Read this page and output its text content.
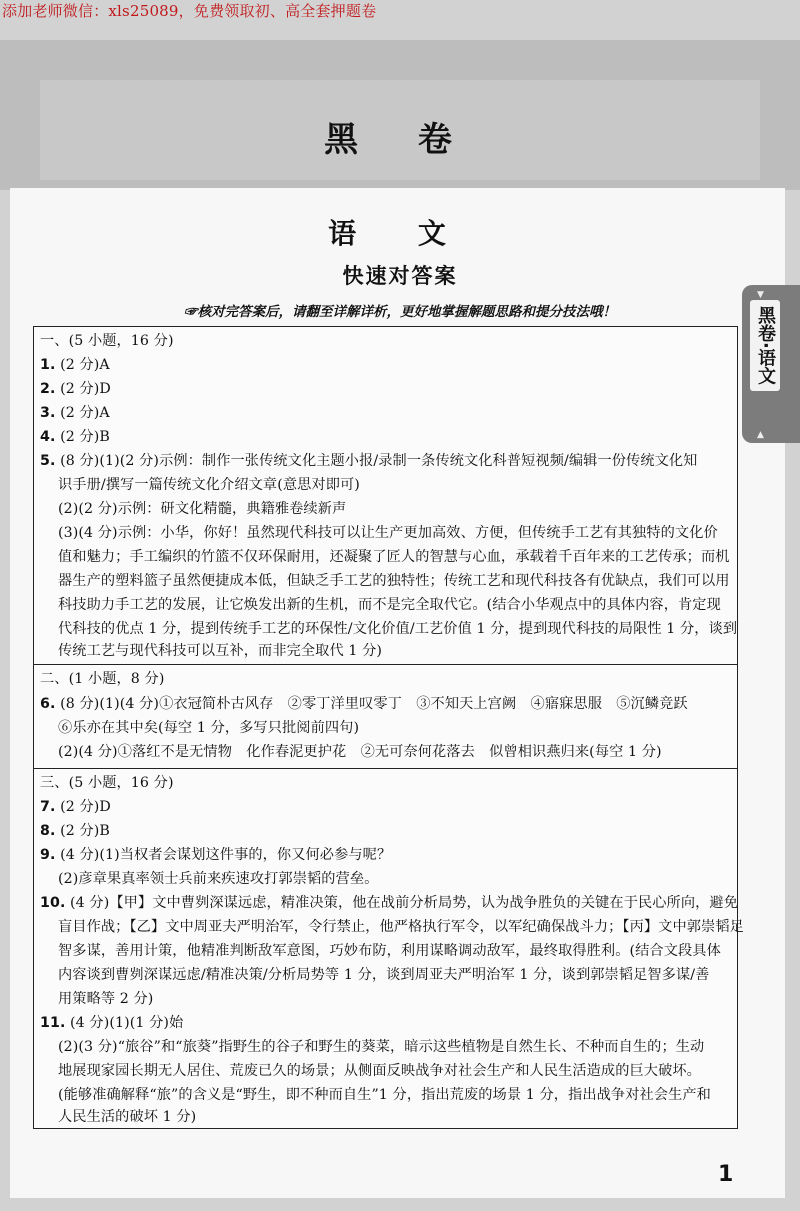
添加老师微信：xls25089，免费领取初、高全套押题卷
黑 卷
▼
黑卷·语文
▲
语 文
快速对答案
☞核对完答案后，请翻至详解详析，更好地掌握解题思路和提分技法哦！
一、(5 小题，16 分)
1. (2 分)A
2. (2 分)D
3. (2 分)A
4. (2 分)B
5. (8 分)(1)(2 分)示例：制作一张传统文化主题小报/录制一条传统文化科普短视频/编辑一份传统文化知
识手册/撰写一篇传统文化介绍文章(意思对即可)
(2)(2 分)示例：研文化精髓，典籍雅卷续新声
(3)(4 分)示例：小华，你好！虽然现代科技可以让生产更加高效、方便，但传统手工艺有其独特的文化价
值和魅力；手工编织的竹篮不仅环保耐用，还凝聚了匠人的智慧与心血，承载着千百年来的工艺传承；而机
器生产的塑料篮子虽然便捷成本低，但缺乏手工艺的独特性；传统工艺和现代科技各有优缺点，我们可以用
科技助力手工艺的发展，让它焕发出新的生机，而不是完全取代它。(结合小华观点中的具体内容，肯定现
代科技的优点 1 分，提到传统手工艺的环保性/文化价值/工艺价值 1 分，提到现代科技的局限性 1 分，谈到
传统工艺与现代科技可以互补，而非完全取代 1 分)
二、(1 小题，8 分)
6. (8 分)(1)(4 分)①衣冠简朴古风存　②零丁洋里叹零丁　③不知天上宫阙　④寤寐思服　⑤沉鳞竞跃
⑥乐亦在其中矣(每空 1 分，多写只批阅前四句)
(2)(4 分)①落红不是无情物　化作春泥更护花　②无可奈何花落去　似曾相识燕归来(每空 1 分)
三、(5 小题，16 分)
7. (2 分)D
8. (2 分)B
9. (4 分)(1)当权者会谋划这件事的，你又何必参与呢？
(2)彦章果真率领士兵前来疾速攻打郭崇韬的营垒。
10. (4 分)【甲】文中曹刿深谋远虑，精准决策，他在战前分析局势，认为战争胜负的关键在于民心所向，避免
盲目作战；【乙】文中周亚夫严明治军，令行禁止，他严格执行军令，以军纪确保战斗力；【丙】文中郭崇韬足
智多谋，善用计策，他精准判断敌军意图，巧妙布防，利用谋略调动敌军，最终取得胜利。(结合文段具体
内容谈到曹刿深谋远虑/精准决策/分析局势等 1 分，谈到周亚夫严明治军 1 分，谈到郭崇韬足智多谋/善
用策略等 2 分)
11. (4 分)(1)(1 分)始
(2)(3 分)“旅谷”和“旅葵”指野生的谷子和野生的葵菜，暗示这些植物是自然生长、不种而自生的；生动
地展现家园长期无人居住、荒废已久的场景；从侧面反映战争对社会生产和人民生活造成的巨大破坏。
(能够准确解释“旅”的含义是“野生，即不种而自生”1 分，指出荒废的场景 1 分，指出战争对社会生产和
人民生活的破坏 1 分)
1
